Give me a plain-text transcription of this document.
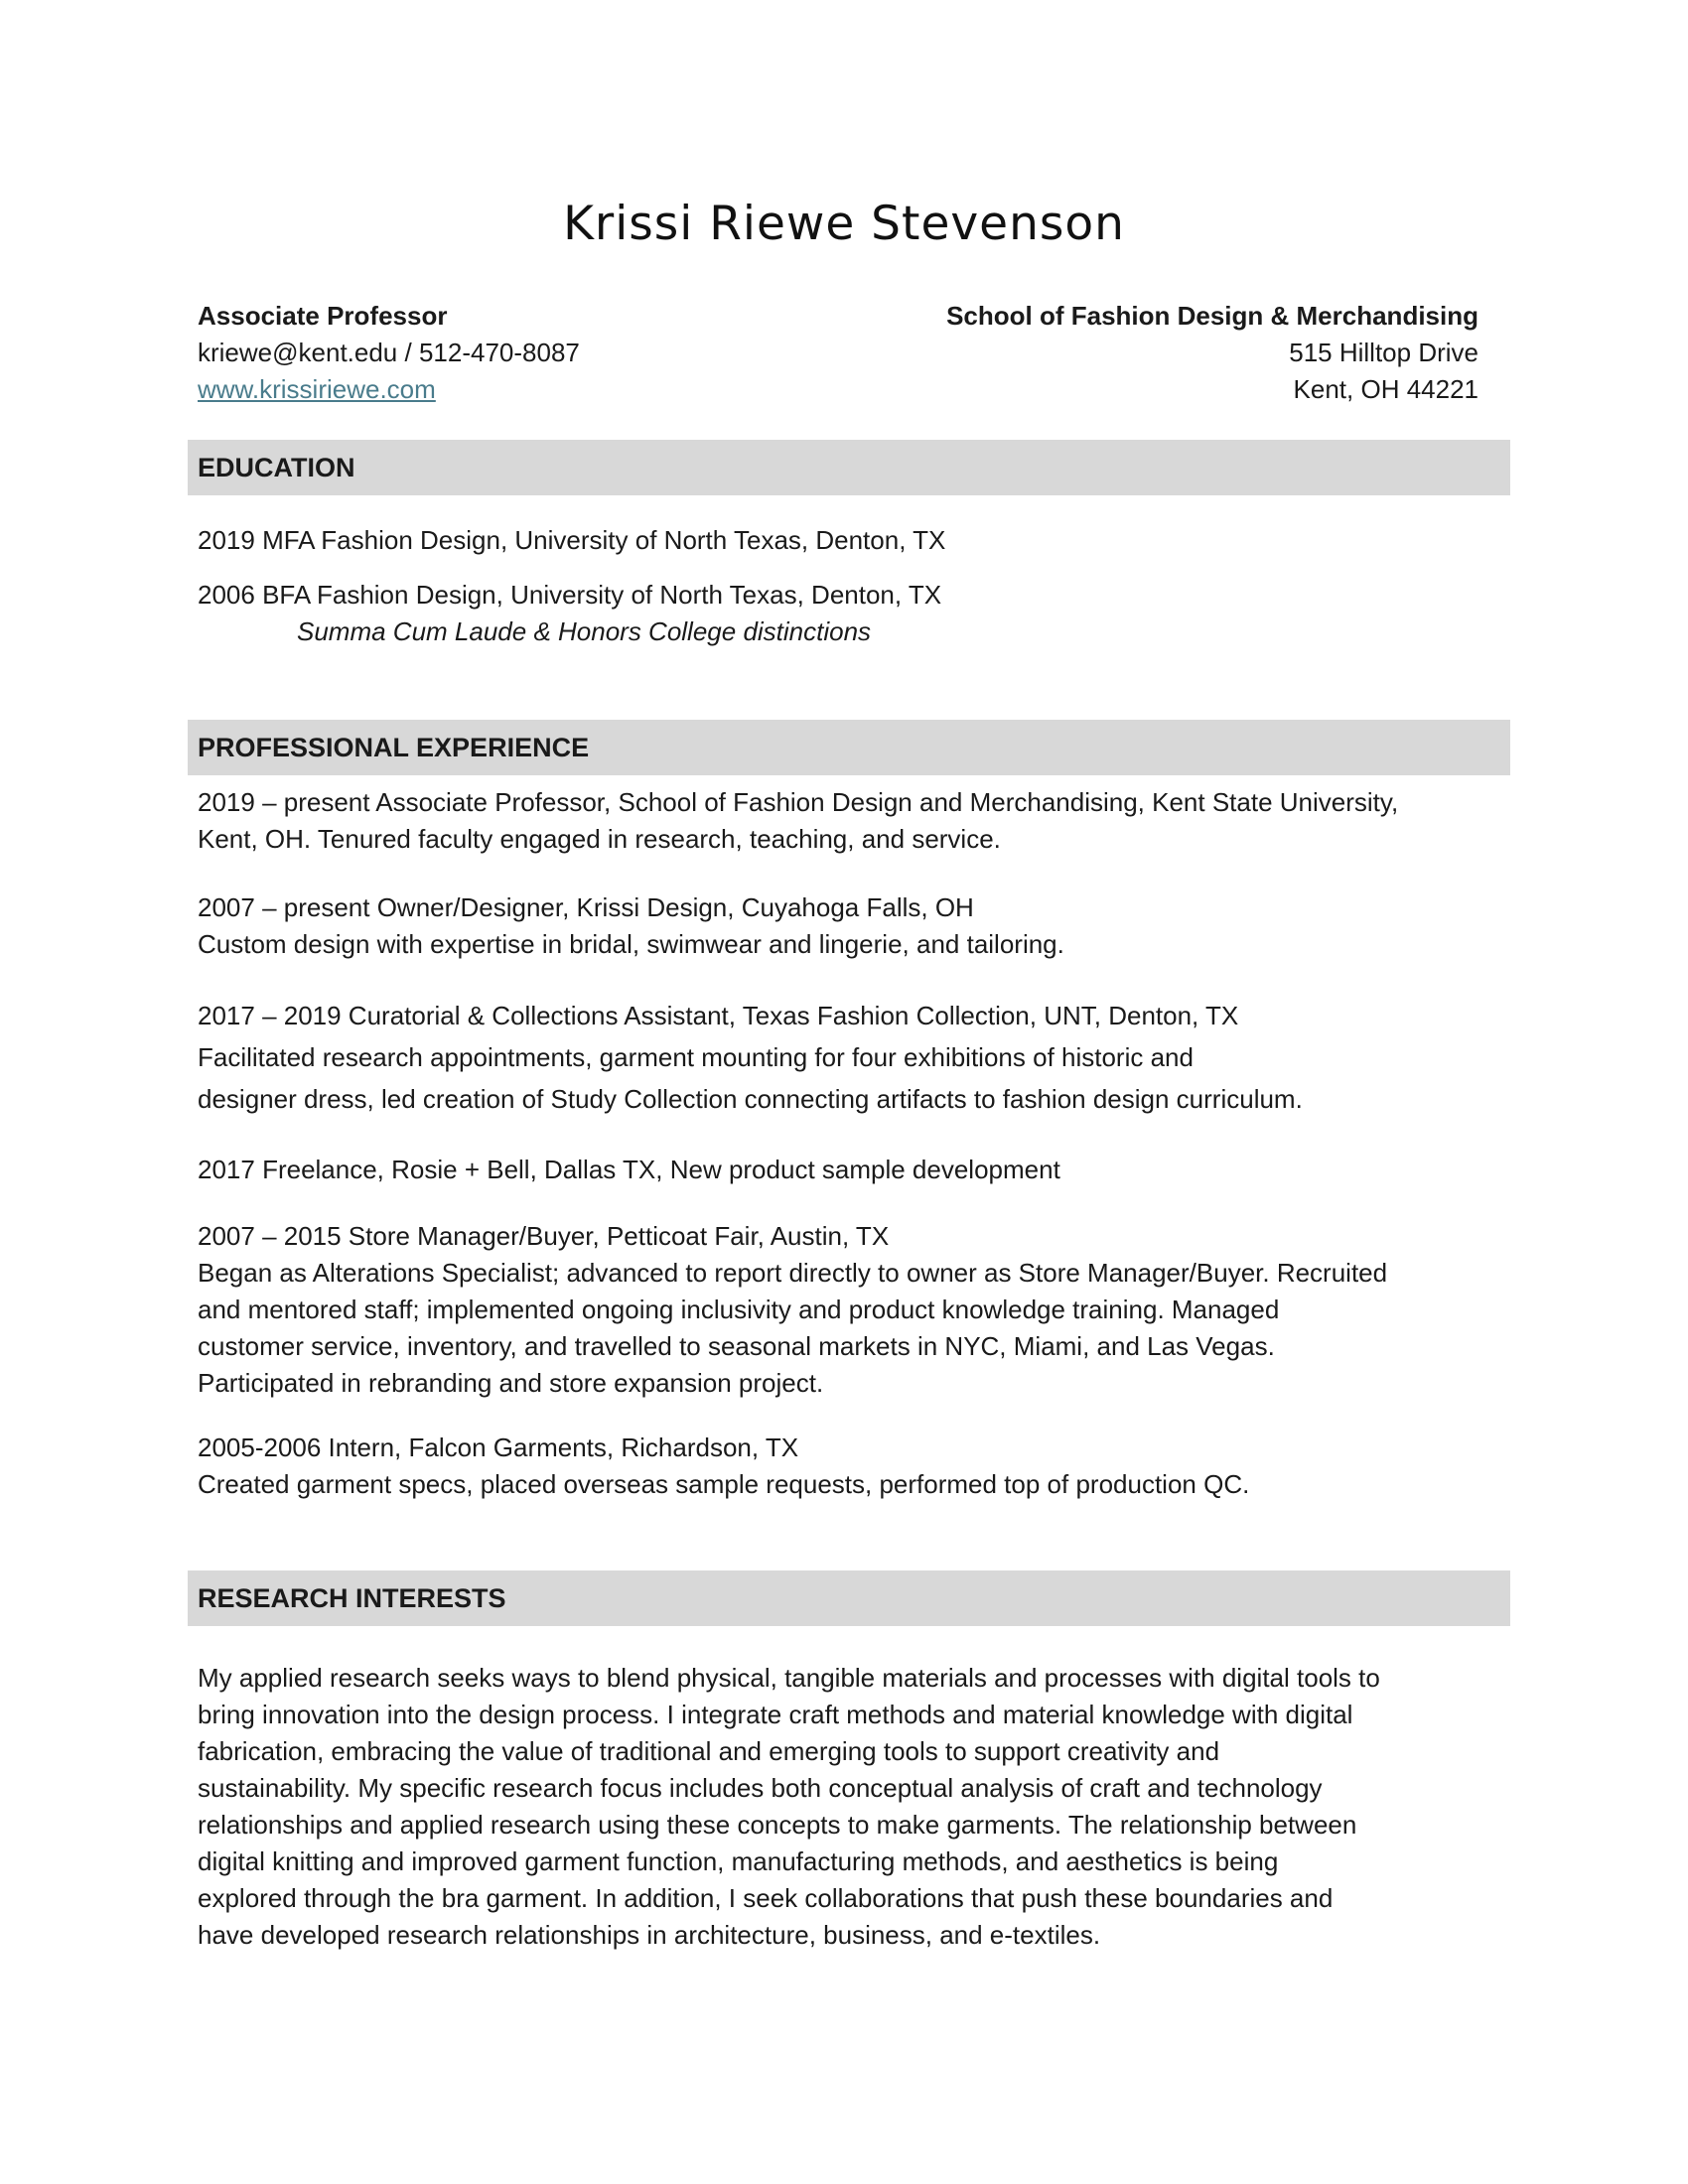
Krissi Riewe Stevenson
Associate Professor
kriewe@kent.edu / 512-470-8087
www.krissiriewe.com
School of Fashion Design & Merchandising
515 Hilltop Drive
Kent, OH 44221
EDUCATION

2019 MFA Fashion Design, University of North Texas, Denton, TX

2006 BFA Fashion Design, University of North Texas, Denton, TX

Summa Cum Laude & Honors College distinctions

PROFESSIONAL EXPERIENCE

2019 – present Associate Professor, School of Fashion Design and Merchandising, Kent State University,

Kent, OH. Tenured faculty engaged in research, teaching, and service.

2007 – present Owner/Designer, Krissi Design, Cuyahoga Falls, OH

Custom design with expertise in bridal, swimwear and lingerie, and tailoring.

2017 – 2019 Curatorial & Collections Assistant, Texas Fashion Collection, UNT, Denton, TX

Facilitated research appointments, garment mounting for four exhibitions of historic and

designer dress, led creation of Study Collection connecting artifacts to fashion design curriculum.

2017 Freelance, Rosie + Bell, Dallas TX, New product sample development

2007 – 2015 Store Manager/Buyer, Petticoat Fair, Austin, TX

Began as Alterations Specialist; advanced to report directly to owner as Store Manager/Buyer. Recruited

and mentored staff; implemented ongoing inclusivity and product knowledge training. Managed

customer service, inventory, and travelled to seasonal markets in NYC, Miami, and Las Vegas.

Participated in rebranding and store expansion project.

2005-2006 Intern, Falcon Garments, Richardson, TX

Created garment specs, placed overseas sample requests, performed top of production QC.

RESEARCH INTERESTS

My applied research seeks ways to blend physical, tangible materials and processes with digital tools to

bring innovation into the design process. I integrate craft methods and material knowledge with digital

fabrication, embracing the value of traditional and emerging tools to support creativity and

sustainability. My specific research focus includes both conceptual analysis of craft and technology

relationships and applied research using these concepts to make garments. The relationship between

digital knitting and improved garment function, manufacturing methods, and aesthetics is being

explored through the bra garment. In addition, I seek collaborations that push these boundaries and

have developed research relationships in architecture, business, and e-textiles.
